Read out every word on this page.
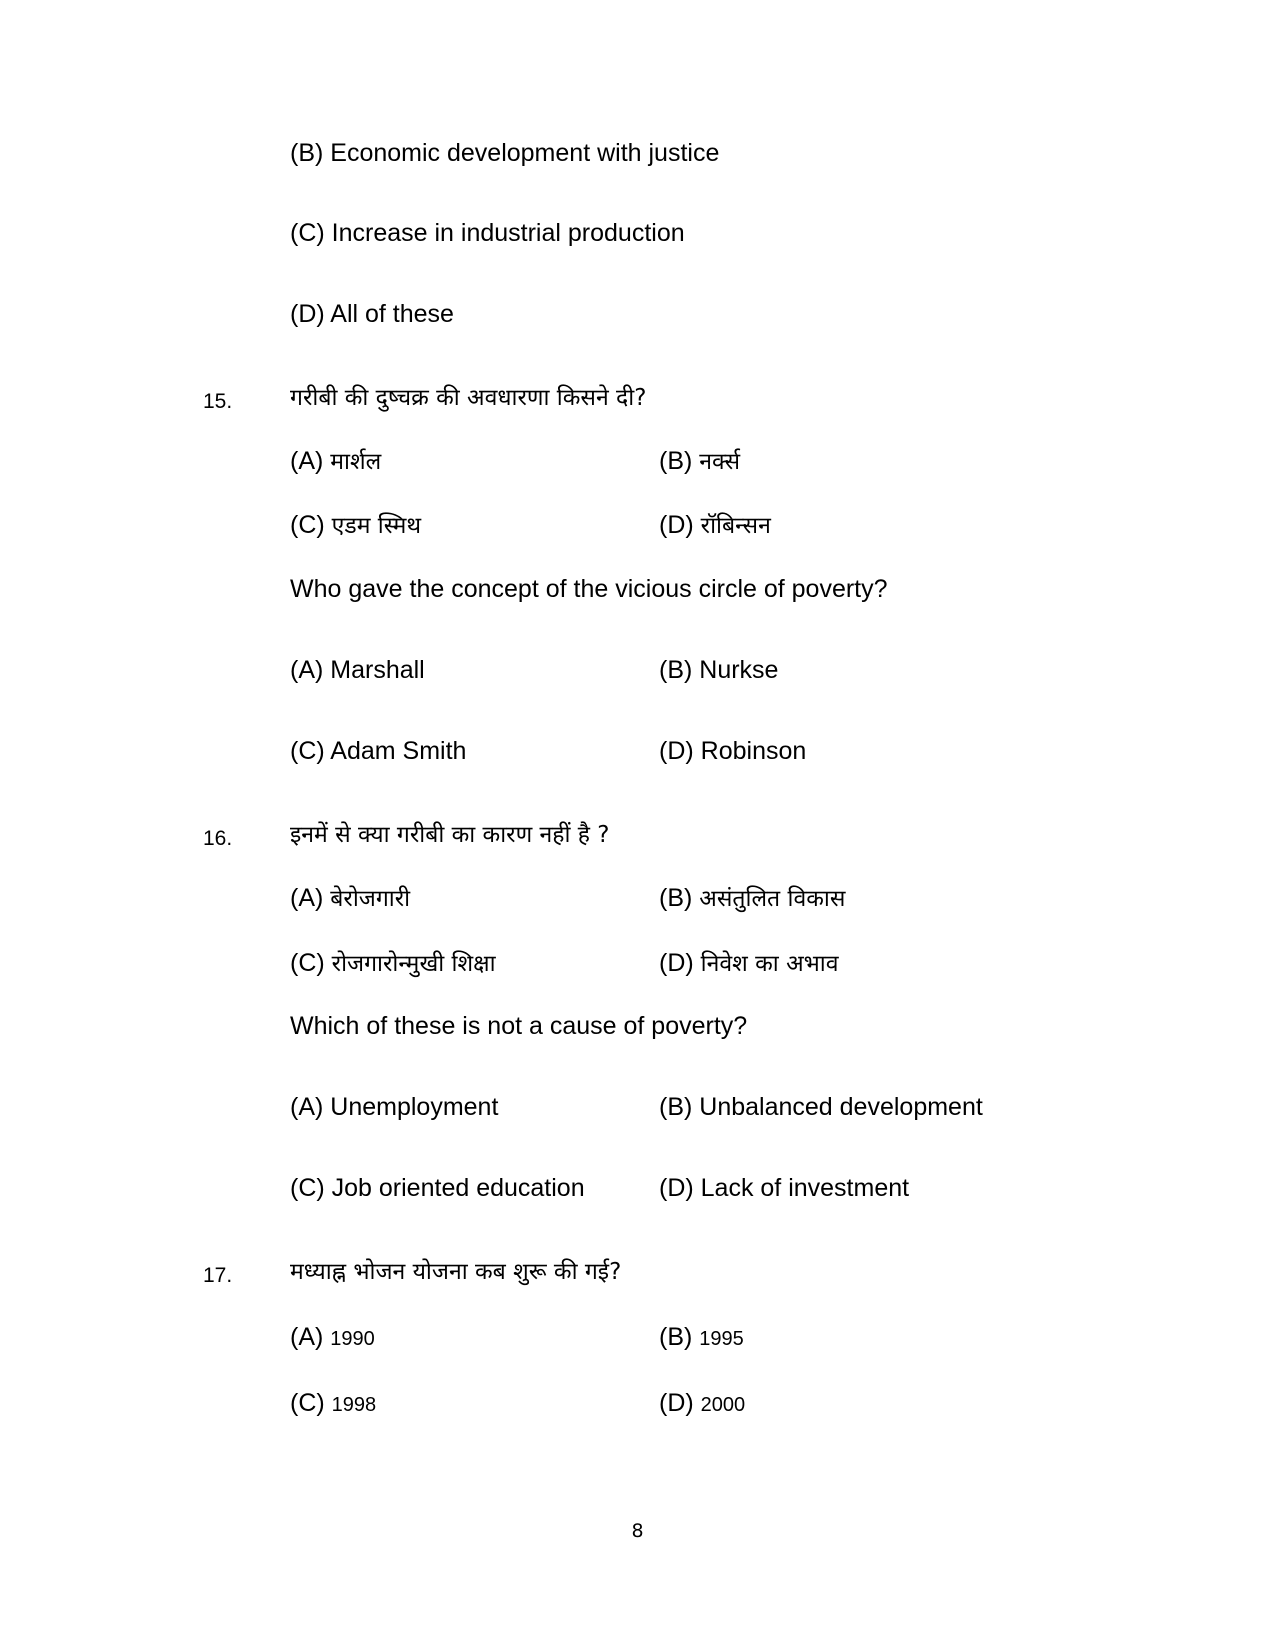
(B) Economic development with justice
(C) Increase in industrial production
(D) All of these
15.	गरीबी की दुष्चक्र की अवधारणा किसने दी?
(A) मार्शल	(B) नर्क्स
(C) एडम स्मिथ	(D) रॉबिन्सन
Who gave the concept of the vicious circle of poverty?
(A) Marshall	(B) Nurkse
(C) Adam Smith	(D) Robinson
16.	इनमें से क्या गरीबी का कारण नहीं है ?
(A) बेरोजगारी	(B) असंतुलित विकास
(C) रोजगारोन्मुखी शिक्षा	(D) निवेश का अभाव
Which of these is not a cause of poverty?
(A) Unemployment	(B) Unbalanced development
(C) Job oriented education	(D) Lack of investment
17.	मध्याह्न भोजन योजना कब शुरू की गई?
(A) 1990	(B) 1995
(C) 1998	(D) 2000
8
